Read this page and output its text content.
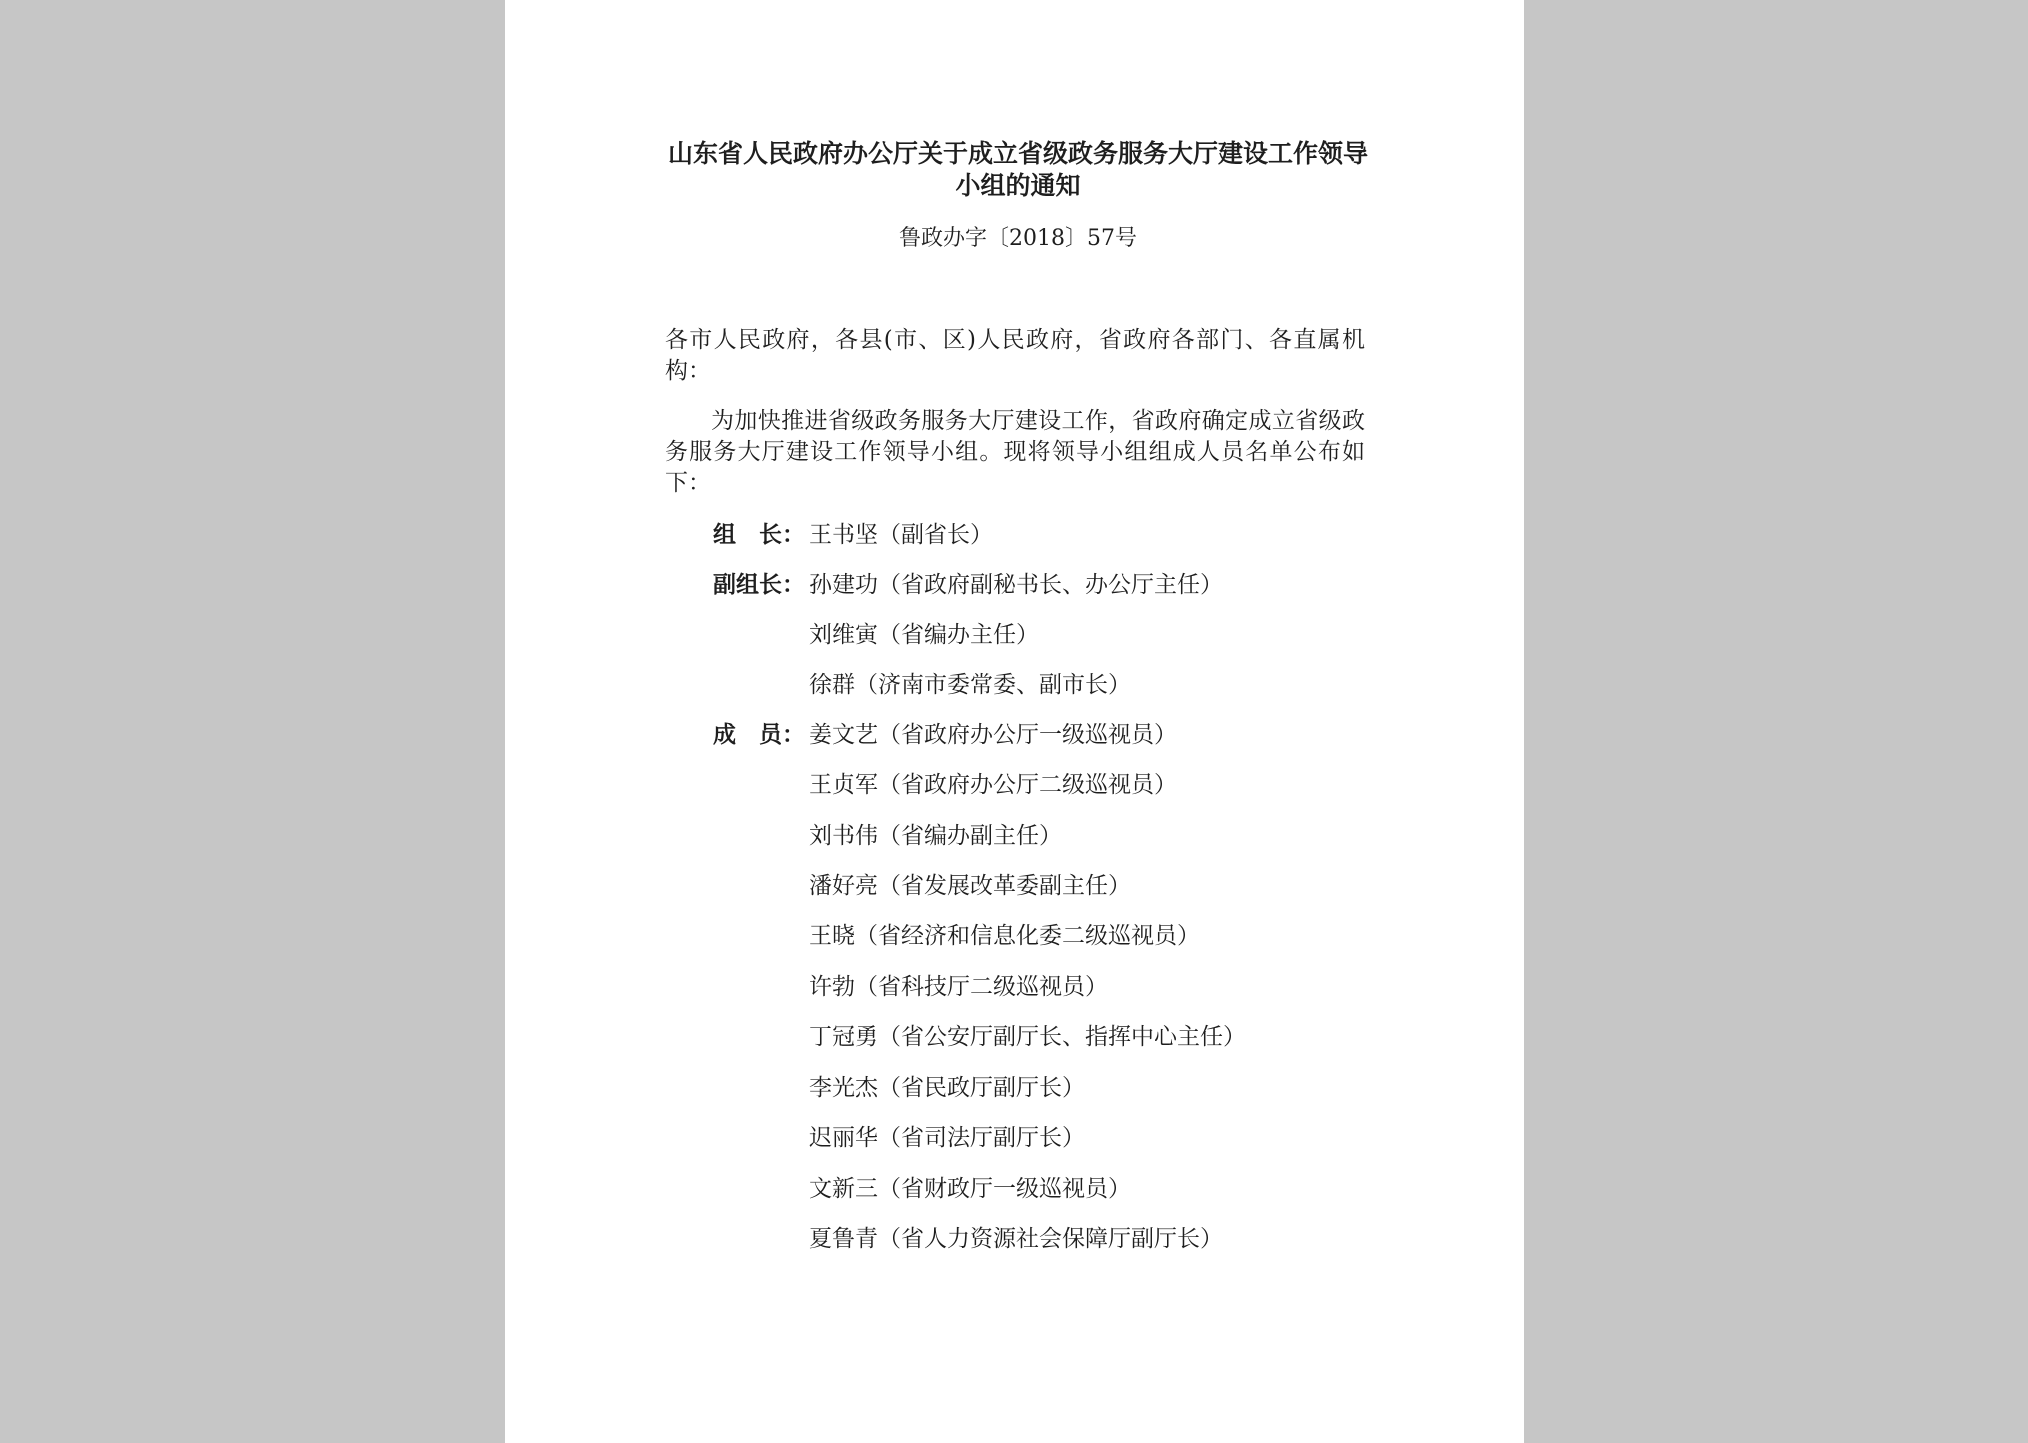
山东省人民政府办公厅关于成立省级政务服务大厅建设工作领导小组的通知
鲁政办字〔2018〕57号
各市人民政府，各县(市、区)人民政府，省政府各部门、各直属机构：
为加快推进省级政务服务大厅建设工作，省政府确定成立省级政务服务大厅建设工作领导小组。现将领导小组组成人员名单公布如下：
组　长： 王书坚（副省长）
副组长： 孙建功（省政府副秘书长、办公厅主任）
刘维寅（省编办主任）
徐群（济南市委常委、副市长）
成　员： 姜文艺（省政府办公厅一级巡视员）
王贞军（省政府办公厅二级巡视员）
刘书伟（省编办副主任）
潘好亮（省发展改革委副主任）
王晓（省经济和信息化委二级巡视员）
许勃（省科技厅二级巡视员）
丁冠勇（省公安厅副厅长、指挥中心主任）
李光杰（省民政厅副厅长）
迟丽华（省司法厅副厅长）
文新三（省财政厅一级巡视员）
夏鲁青（省人力资源社会保障厅副厅长）
